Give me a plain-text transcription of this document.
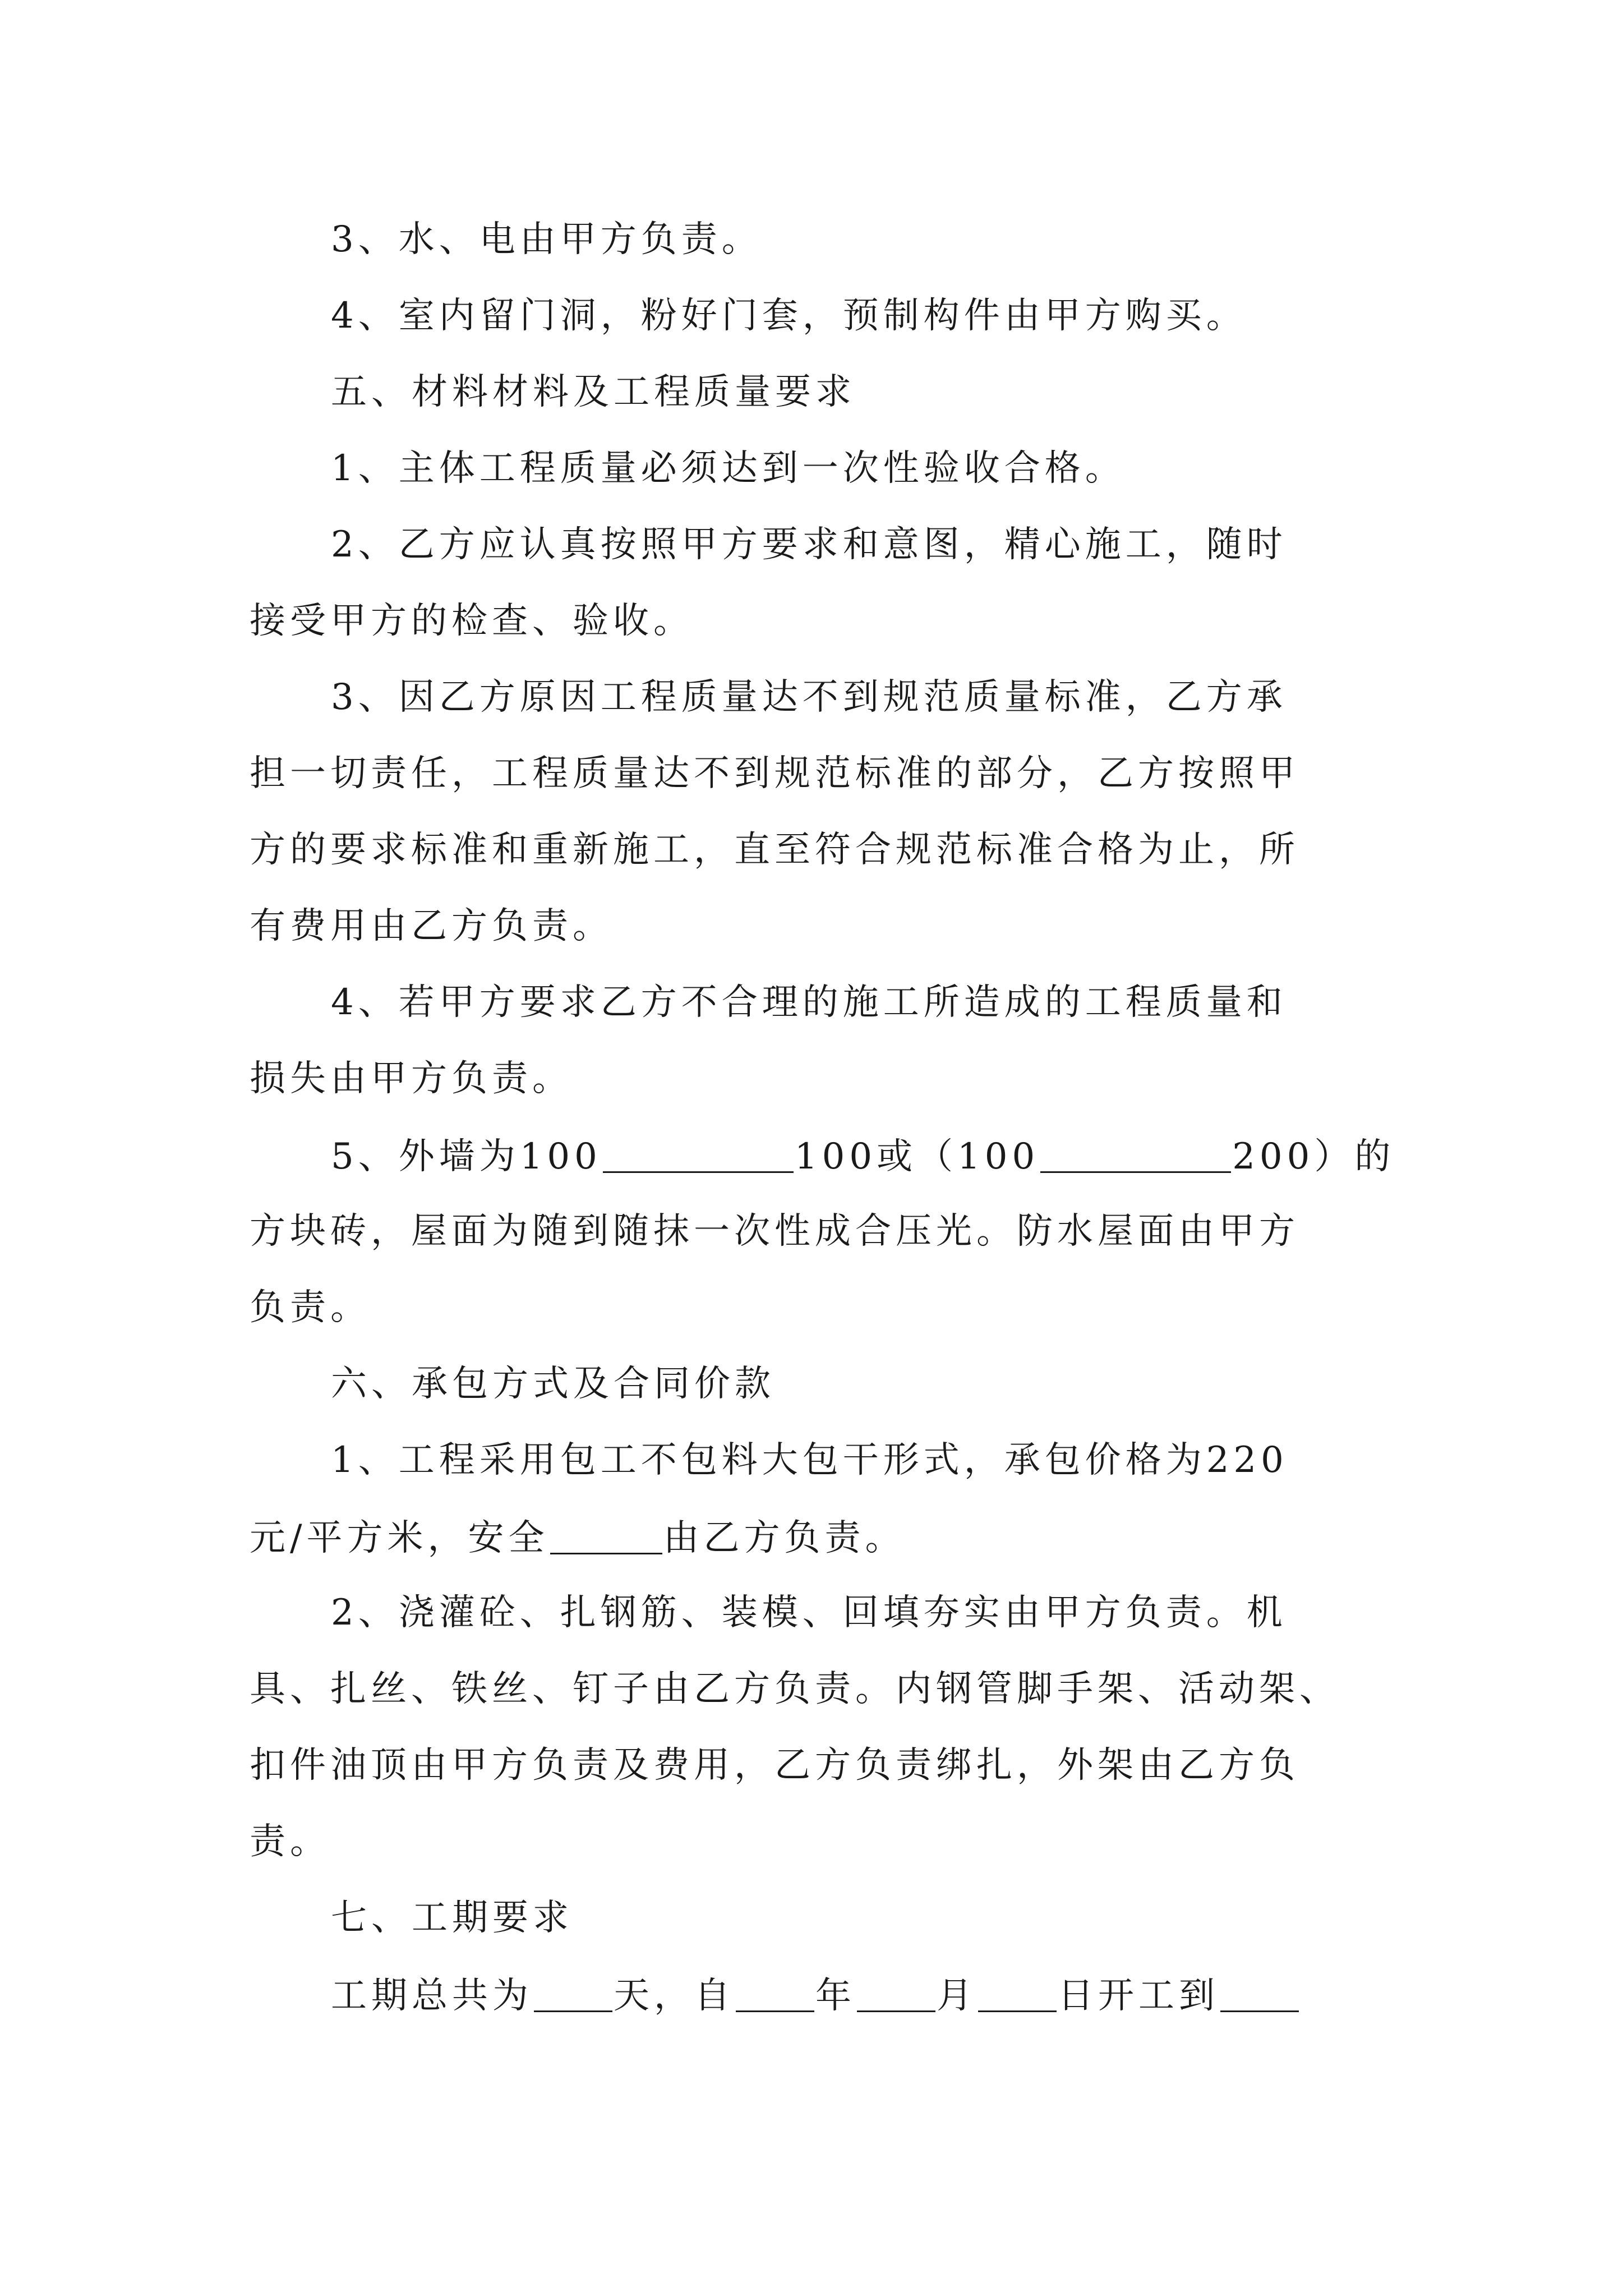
3、水、电由甲方负责。
4、室内留门洞，粉好门套，预制构件由甲方购买。
五、材料材料及工程质量要求
1、主体工程质量必须达到一次性验收合格。
2、乙方应认真按照甲方要求和意图，精心施工，随时
接受甲方的检查、验收。
3、因乙方原因工程质量达不到规范质量标准，乙方承
担一切责任，工程质量达不到规范标准的部分，乙方按照甲
方的要求标准和重新施工，直至符合规范标准合格为止，所
有费用由乙方负责。
4、若甲方要求乙方不合理的施工所造成的工程质量和
损失由甲方负责。
5、外墙为100	100或（100	200）的
方块砖，屋面为随到随抹一次性成合压光。防水屋面由甲方
负责。
六、承包方式及合同价款
1、工程采用包工不包料大包干形式，承包价格为220
元/平方米，安全	由乙方负责。
2、浇灌砼、扎钢筋、装模、回填夯实由甲方负责。机
具、扎丝、铁丝、钉子由乙方负责。内钢管脚手架、活动架、
扣件油顶由甲方负责及费用，乙方负责绑扎，外架由乙方负
责。
七、工期要求
工期总共为 天，自 年 月 日开工到
